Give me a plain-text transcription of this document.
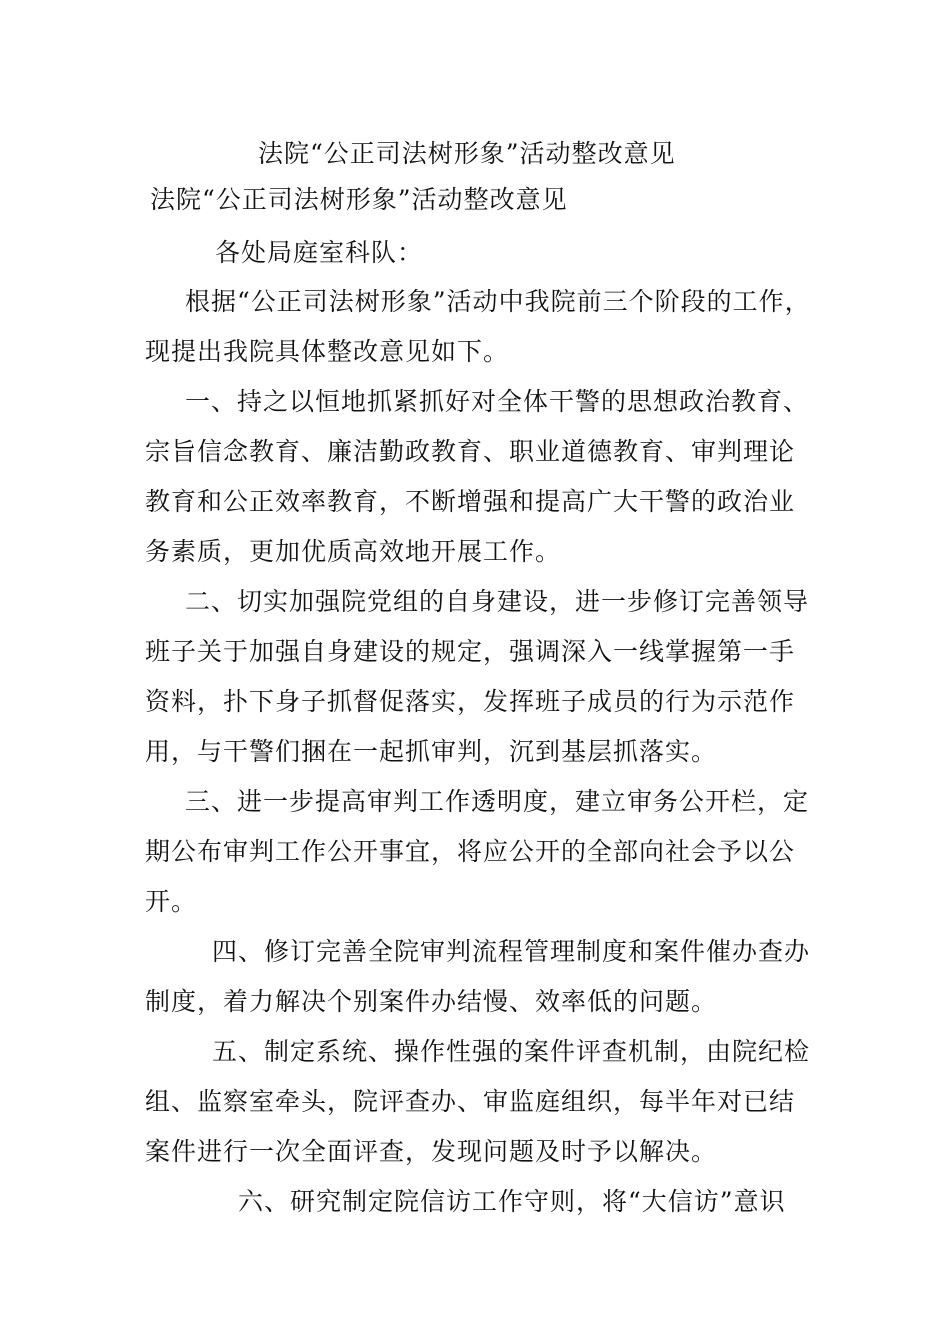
法院“公正司法树形象”活动整改意见
法院“公正司法树形象”活动整改意见
各处局庭室科队：
根据“公正司法树形象”活动中我院前三个阶段的工作，
现提出我院具体整改意见如下。
一、持之以恒地抓紧抓好对全体干警的思想政治教育、
宗旨信念教育、廉洁勤政教育、职业道德教育、审判理论
教育和公正效率教育，不断增强和提高广大干警的政治业
务素质，更加优质高效地开展工作。
二、切实加强院党组的自身建设，进一步修订完善领导
班子关于加强自身建设的规定，强调深入一线掌握第一手
资料，扑下身子抓督促落实，发挥班子成员的行为示范作
用，与干警们捆在一起抓审判，沉到基层抓落实。
三、进一步提高审判工作透明度，建立审务公开栏，定
期公布审判工作公开事宜，将应公开的全部向社会予以公
开。
四、修订完善全院审判流程管理制度和案件催办查办
制度，着力解决个别案件办结慢、效率低的问题。
五、制定系统、操作性强的案件评查机制，由院纪检
组、监察室牵头，院评查办、审监庭组织，每半年对已结
案件进行一次全面评查，发现问题及时予以解决。
六、研究制定院信访工作守则，将“大信访”意识
